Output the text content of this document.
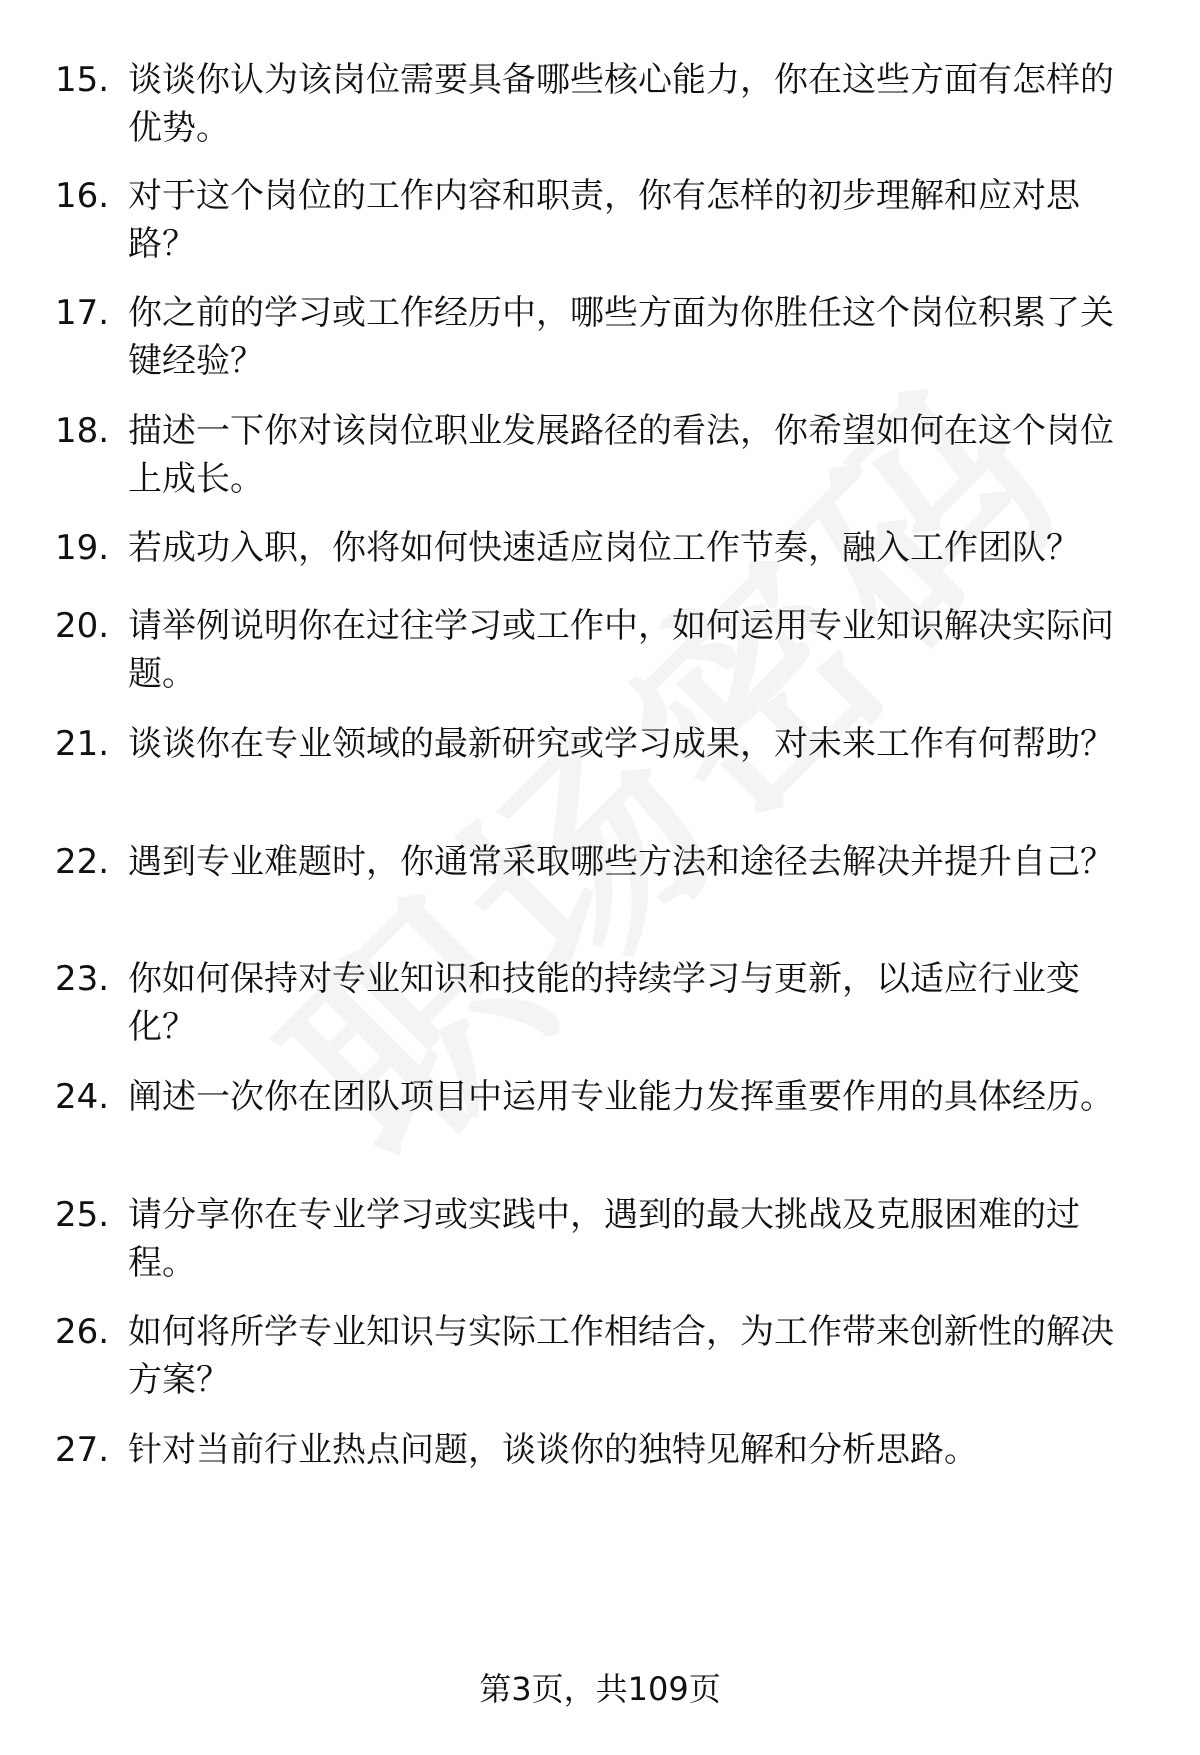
15. 谈谈你认为该岗位需要具备哪些核心能力，你在这些方面有怎样的优势。
16. 对于这个岗位的工作内容和职责，你有怎样的初步理解和应对思路？
17. 你之前的学习或工作经历中，哪些方面为你胜任这个岗位积累了关键经验？
18. 描述一下你对该岗位职业发展路径的看法，你希望如何在这个岗位上成长。
19. 若成功入职，你将如何快速适应岗位工作节奏，融入工作团队？
20. 请举例说明你在过往学习或工作中，如何运用专业知识解决实际问题。
21. 谈谈你在专业领域的最新研究或学习成果，对未来工作有何帮助？
22. 遇到专业难题时，你通常采取哪些方法和途径去解决并提升自己？
23. 你如何保持对专业知识和技能的持续学习与更新，以适应行业变化？
24. 阐述一次你在团队项目中运用专业能力发挥重要作用的具体经历。
25. 请分享你在专业学习或实践中，遇到的最大挑战及克服困难的过程。
26. 如何将所学专业知识与实际工作相结合，为工作带来创新性的解决方案？
27. 针对当前行业热点问题，谈谈你的独特见解和分析思路。
第3页，共109页
